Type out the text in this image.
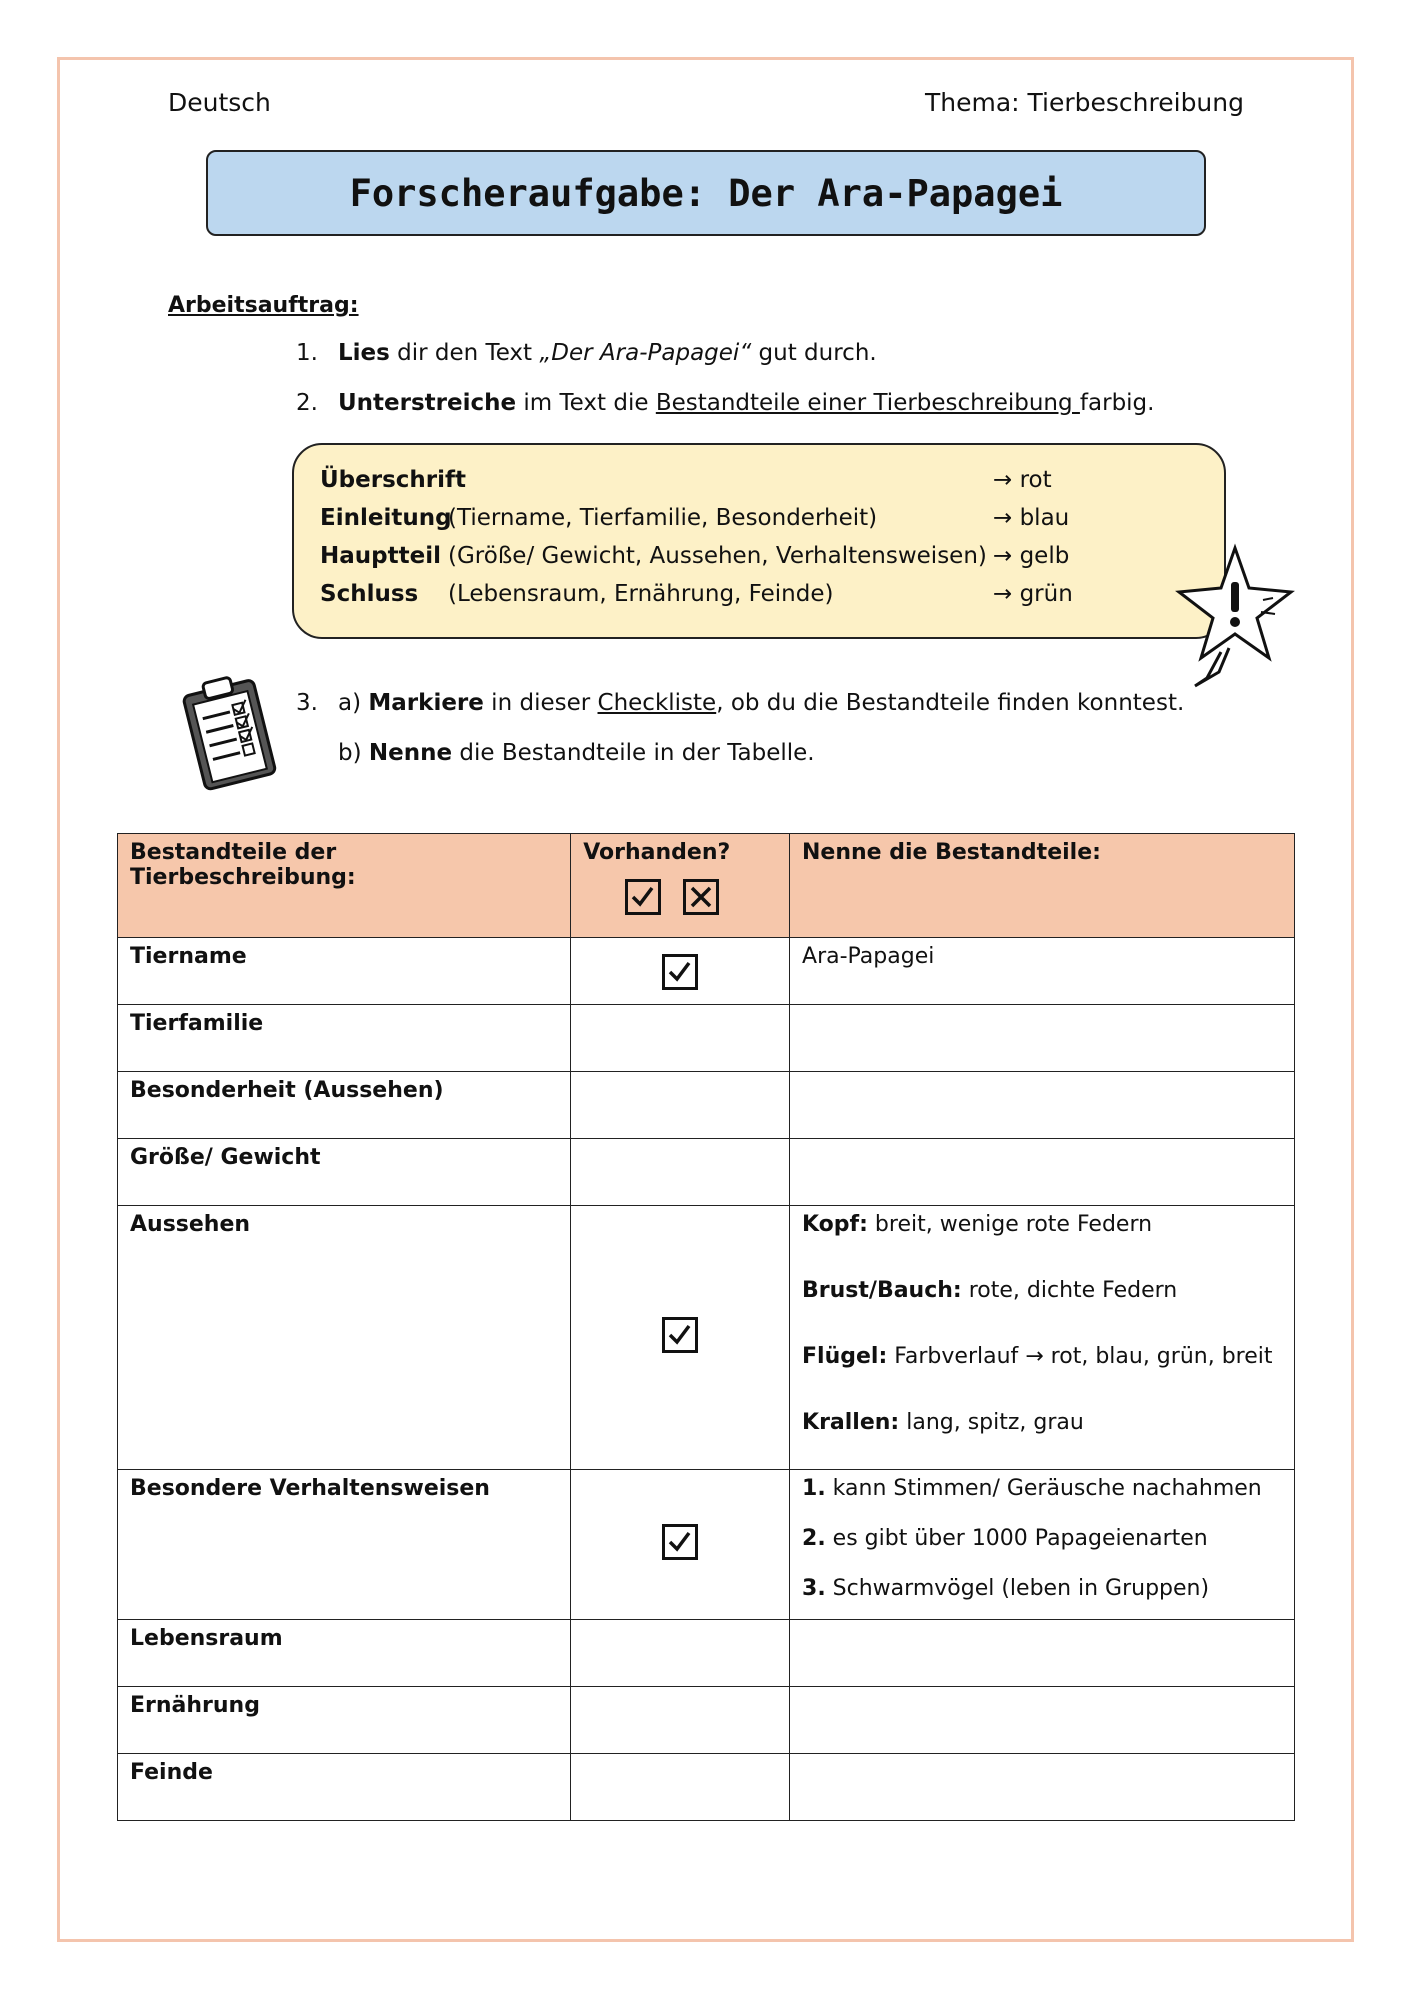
Deutsch	Thema: Tierbeschreibung
Forscheraufgabe: Der Ara-Papagei
Arbeitsauftrag:
1. Lies dir den Text „Der Ara-Papagei“ gut durch.
2. Unterstreiche im Text die Bestandteile einer Tierbeschreibung farbig.
Überschrift	→ rot
Einleitung(Tiername, Tierfamilie, Besonderheit)	→ blau
Hauptteil (Größe/ Gewicht, Aussehen, Verhaltensweisen) → gelb
Schluss (Lebensraum, Ernährung, Feinde)	→ grün
3. a) Markiere in dieser Checkliste, ob du die Bestandteile finden konntest.
b) Nenne die Bestandteile in der Tabelle.
Bestandteile der Tierbeschreibung:	Vorhanden?	Nenne die Bestandteile:
Tiername		Ara-Papagei
Tierfamilie		
Besonderheit (Aussehen)		
Größe/ Gewicht		
Aussehen		Kopf: breit, wenige rote Federn
Brust/Bauch: rote, dichte Federn
Flügel: Farbverlauf → rot, blau, grün, breit
Krallen: lang, spitz, grau

Besondere Verhaltensweisen		1. kann Stimmen/ Geräusche nachahmen
2. es gibt über 1000 Papageienarten
3. Schwarmvögel (leben in Gruppen)

Lebensraum		
Ernährung		
Feinde		
